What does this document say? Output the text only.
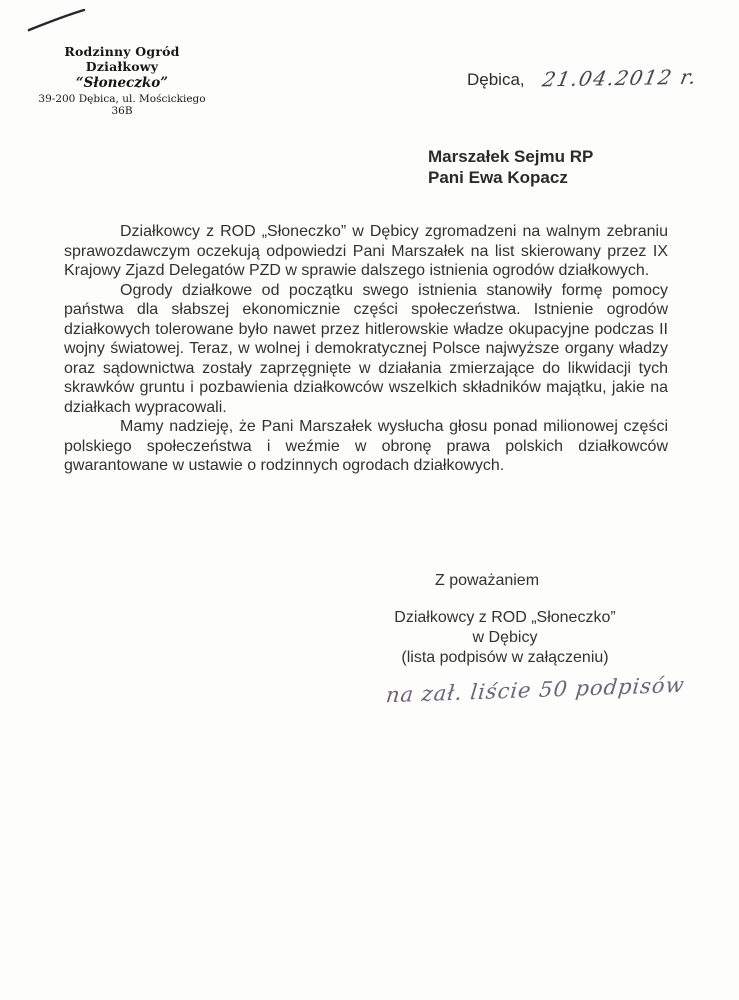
Rodzinny Ogród Działkowy
“Słoneczko”
39-200 Dębica, ul. Mościckiego 36B
Dębica, 21.04.2012 r.
Marszałek Sejmu RP
Pani Ewa Kopacz

Działkowcy z ROD „Słoneczko” w Dębicy zgromadzeni na walnym zebraniu sprawozdawczym oczekują odpowiedzi Pani Marszałek na list skierowany przez IX Krajowy Zjazd Delegatów PZD w sprawie dalszego istnienia ogrodów działkowych.

Ogrody działkowe od początku swego istnienia stanowiły formę pomocy państwa dla słabszej ekonomicznie części społeczeństwa. Istnienie ogrodów działkowych tolerowane było nawet przez hitlerowskie władze okupacyjne podczas II wojny światowej. Teraz, w wolnej i demokratycznej Polsce najwyższe organy władzy oraz sądownictwa zostały zaprzęgnięte w działania zmierzające do likwidacji tych skrawków gruntu i pozbawienia działkowców wszelkich składników majątku, jakie na działkach wypracowali.

Mamy nadzieję, że Pani Marszałek wysłucha głosu ponad milionowej części polskiego społeczeństwa i weźmie w obronę prawa polskich działkowców gwarantowane w ustawie o rodzinnych ogrodach działkowych.

Z poważaniem
Działkowcy z ROD „Słoneczko”
w Dębicy
(lista podpisów w załączeniu)
na zał. liście 50 podpisów
